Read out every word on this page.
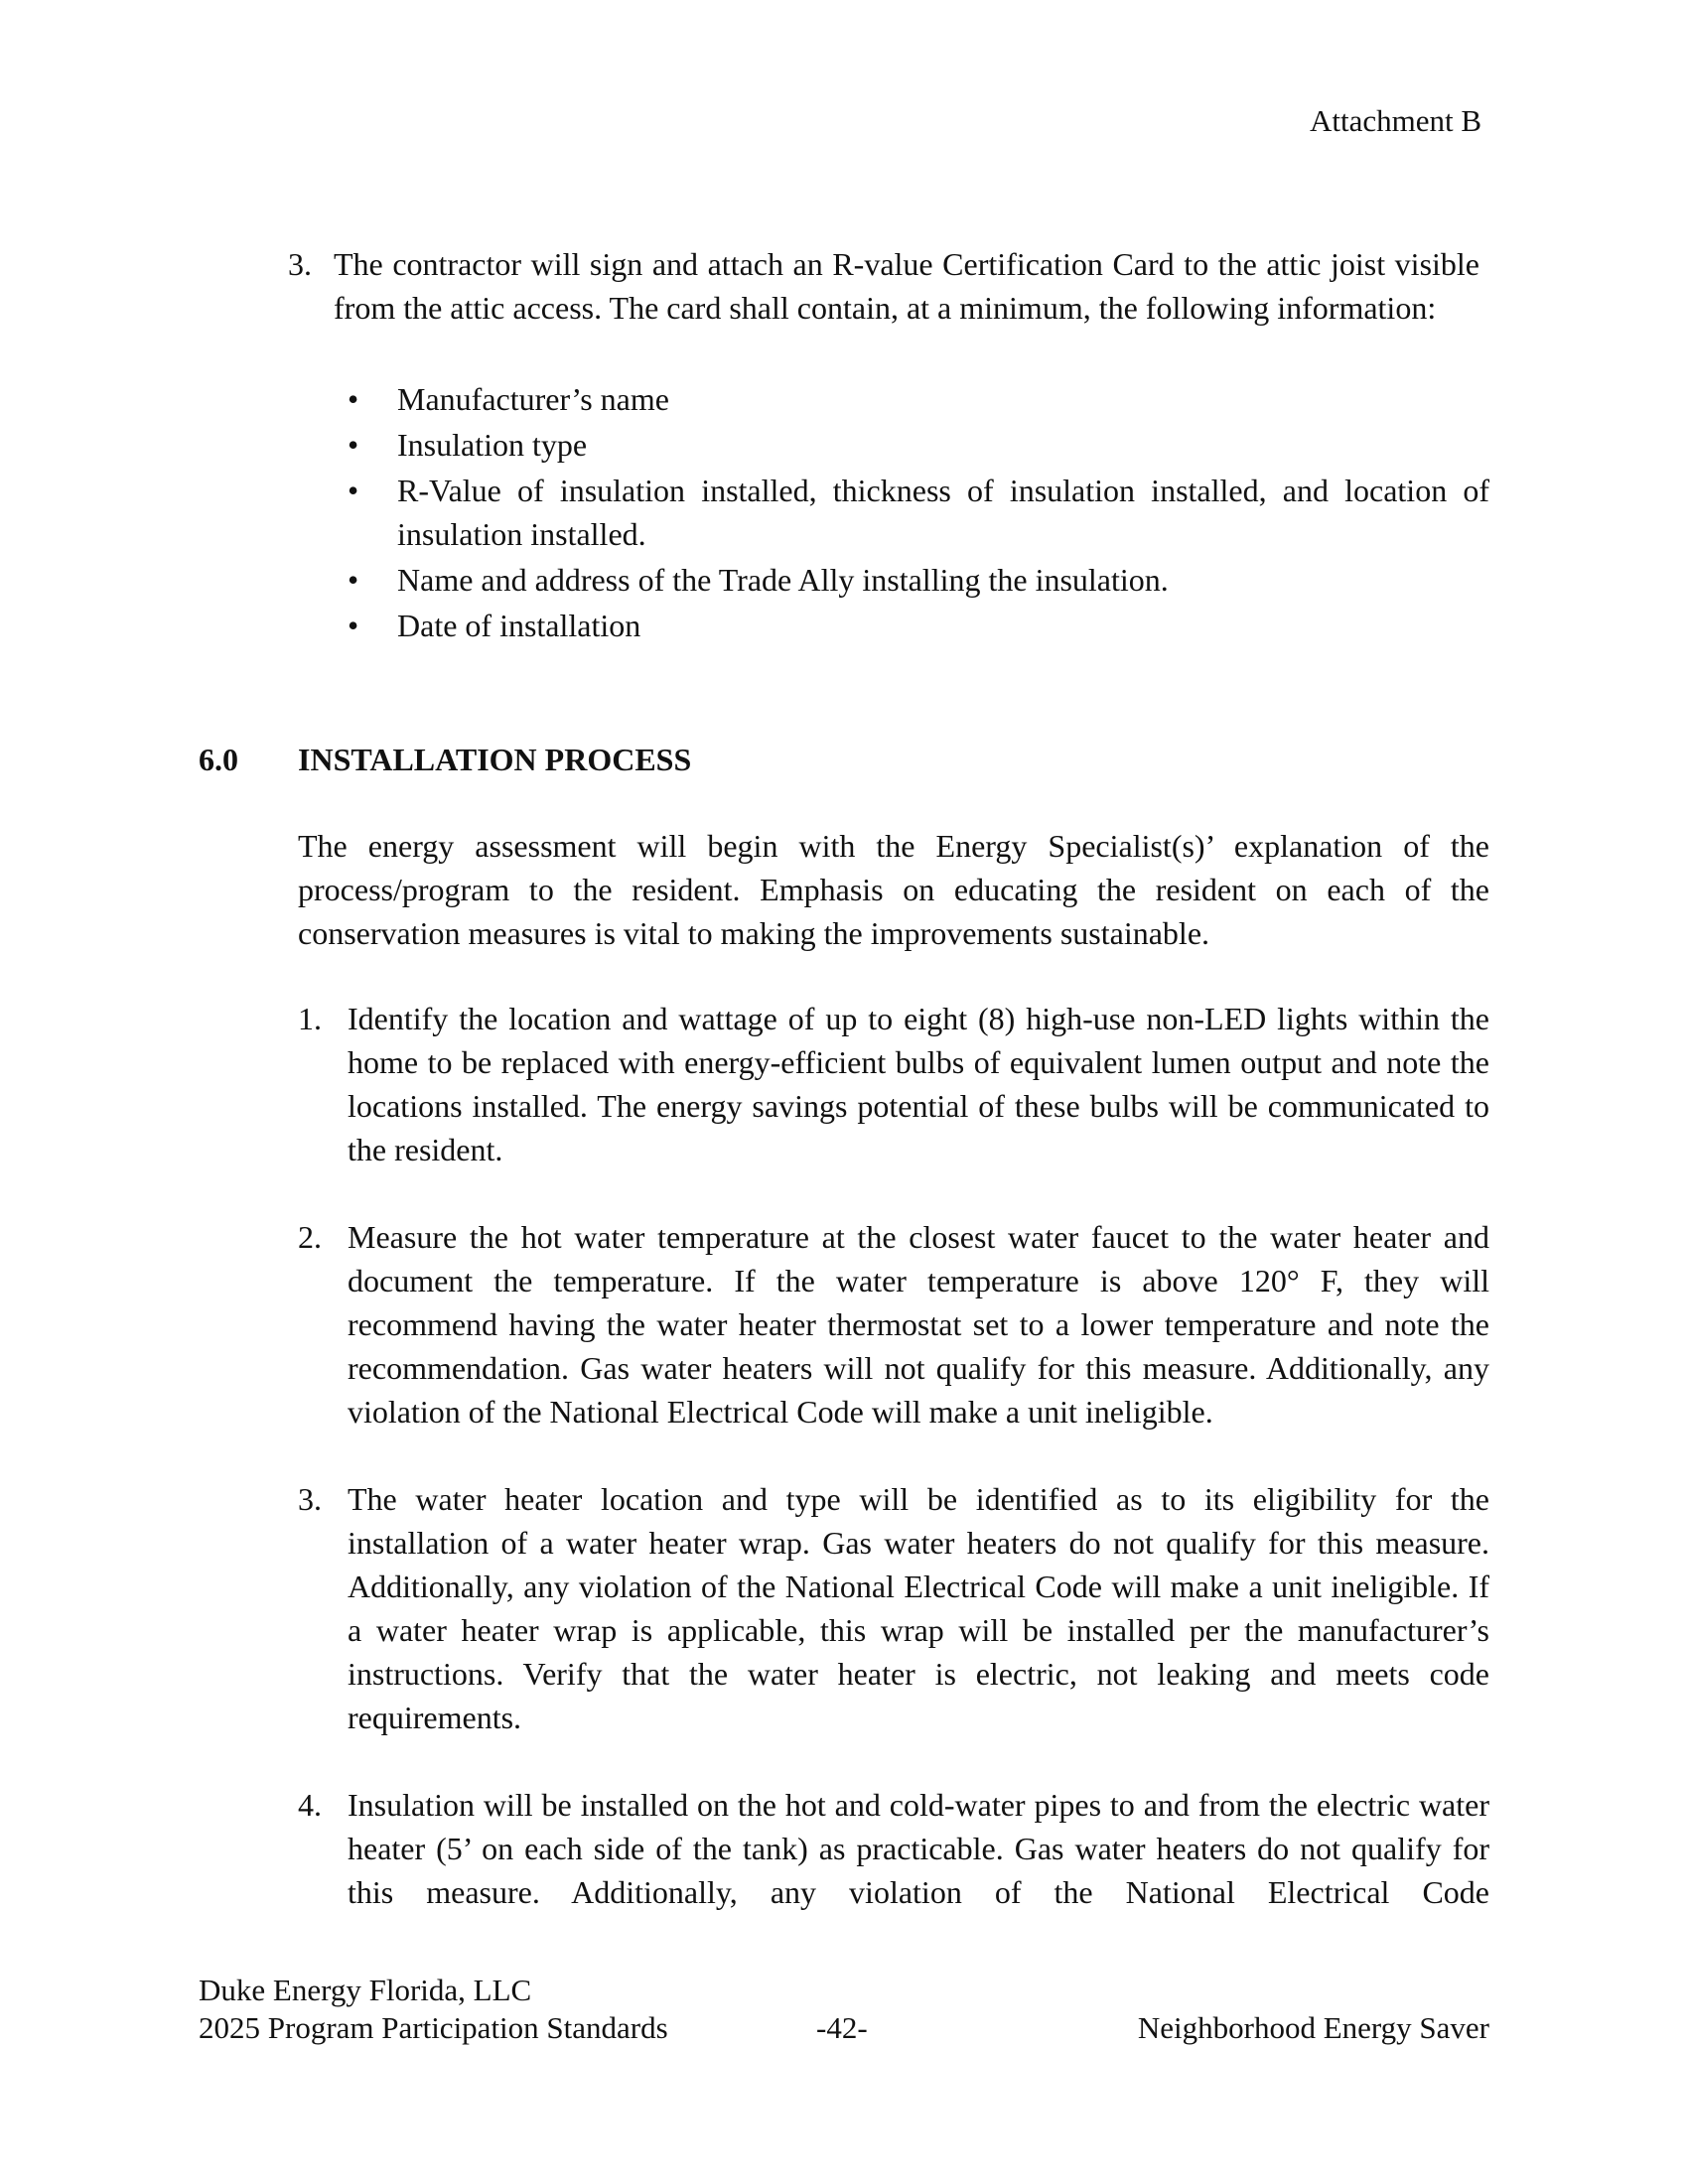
Attachment B
3. The contractor will sign and attach an R-value Certification Card to the attic joist visible from the attic access. The card shall contain, at a minimum, the following information:
• Manufacturer’s name
• Insulation type
• R-Value of insulation installed, thickness of insulation installed, and location of insulation installed.
• Name and address of the Trade Ally installing the insulation.
• Date of installation
6.0 INSTALLATION PROCESS
The energy assessment will begin with the Energy Specialist(s)’ explanation of the process/program to the resident. Emphasis on educating the resident on each of the conservation measures is vital to making the improvements sustainable.
1. Identify the location and wattage of up to eight (8) high-use non-LED lights within the home to be replaced with energy-efficient bulbs of equivalent lumen output and note the locations installed. The energy savings potential of these bulbs will be communicated to the resident.
2. Measure the hot water temperature at the closest water faucet to the water heater and document the temperature. If the water temperature is above 120° F, they will recommend having the water heater thermostat set to a lower temperature and note the recommendation. Gas water heaters will not qualify for this measure. Additionally, any violation of the National Electrical Code will make a unit ineligible.
3. The water heater location and type will be identified as to its eligibility for the installation of a water heater wrap. Gas water heaters do not qualify for this measure. Additionally, any violation of the National Electrical Code will make a unit ineligible. If a water heater wrap is applicable, this wrap will be installed per the manufacturer’s instructions. Verify that the water heater is electric, not leaking and meets code requirements.
4. Insulation will be installed on the hot and cold-water pipes to and from the electric water heater (5’ on each side of the tank) as practicable. Gas water heaters do not qualify for this measure. Additionally, any violation of the National Electrical Code
Duke Energy Florida, LLC
2025 Program Participation Standards	-42-	Neighborhood Energy Saver
